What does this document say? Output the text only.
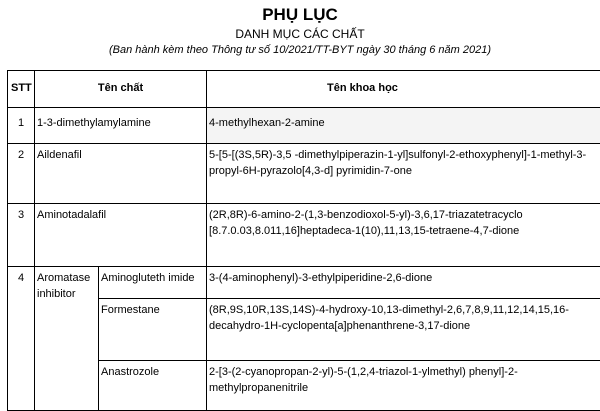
PHỤ LỤC
DANH MỤC CÁC CHẤT
(Ban hành kèm theo Thông tư số 10/2021/TT-BYT ngày 30 tháng 6 năm 2021)
STT	Tên chất		Tên khoa học
1	1-3-dimethylamylamine		4-methylhexan-2-amine
2	Aildenafil		5-[5-[(3S,5R)-3,5 -dimethylpiperazin-1-yl]sulfonyl-2-ethoxyphenyl]-1-methyl-3-propyl-6H-pyrazolo[4,3-d] pyrimidin-7-one
3	Aminotadalafil		(2R,8R)-6-amino-2-(1,3-benzodioxol-5-yl)-3,6,17-triazatetracyclo [8.7.0.03,8.011,16]heptadeca-1(10),11,13,15-tetraene-4,7-dione
4	Aromatase inhibitor	Aminogluteth imide	3-(4-aminophenyl)-3-ethylpiperidine-2,6-dione
		Formestane	(8R,9S,10R,13S,14S)-4-hydroxy-10,13-dimethyl-2,6,7,8,9,11,12,14,15,16-decahydro-1H-cyclopenta[a]phenanthrene-3,17-dione
		Anastrozole	2-[3-(2-cyanopropan-2-yl)-5-(1,2,4-triazol-1-ylmethyl) phenyl]-2- methylpropanenitrile
